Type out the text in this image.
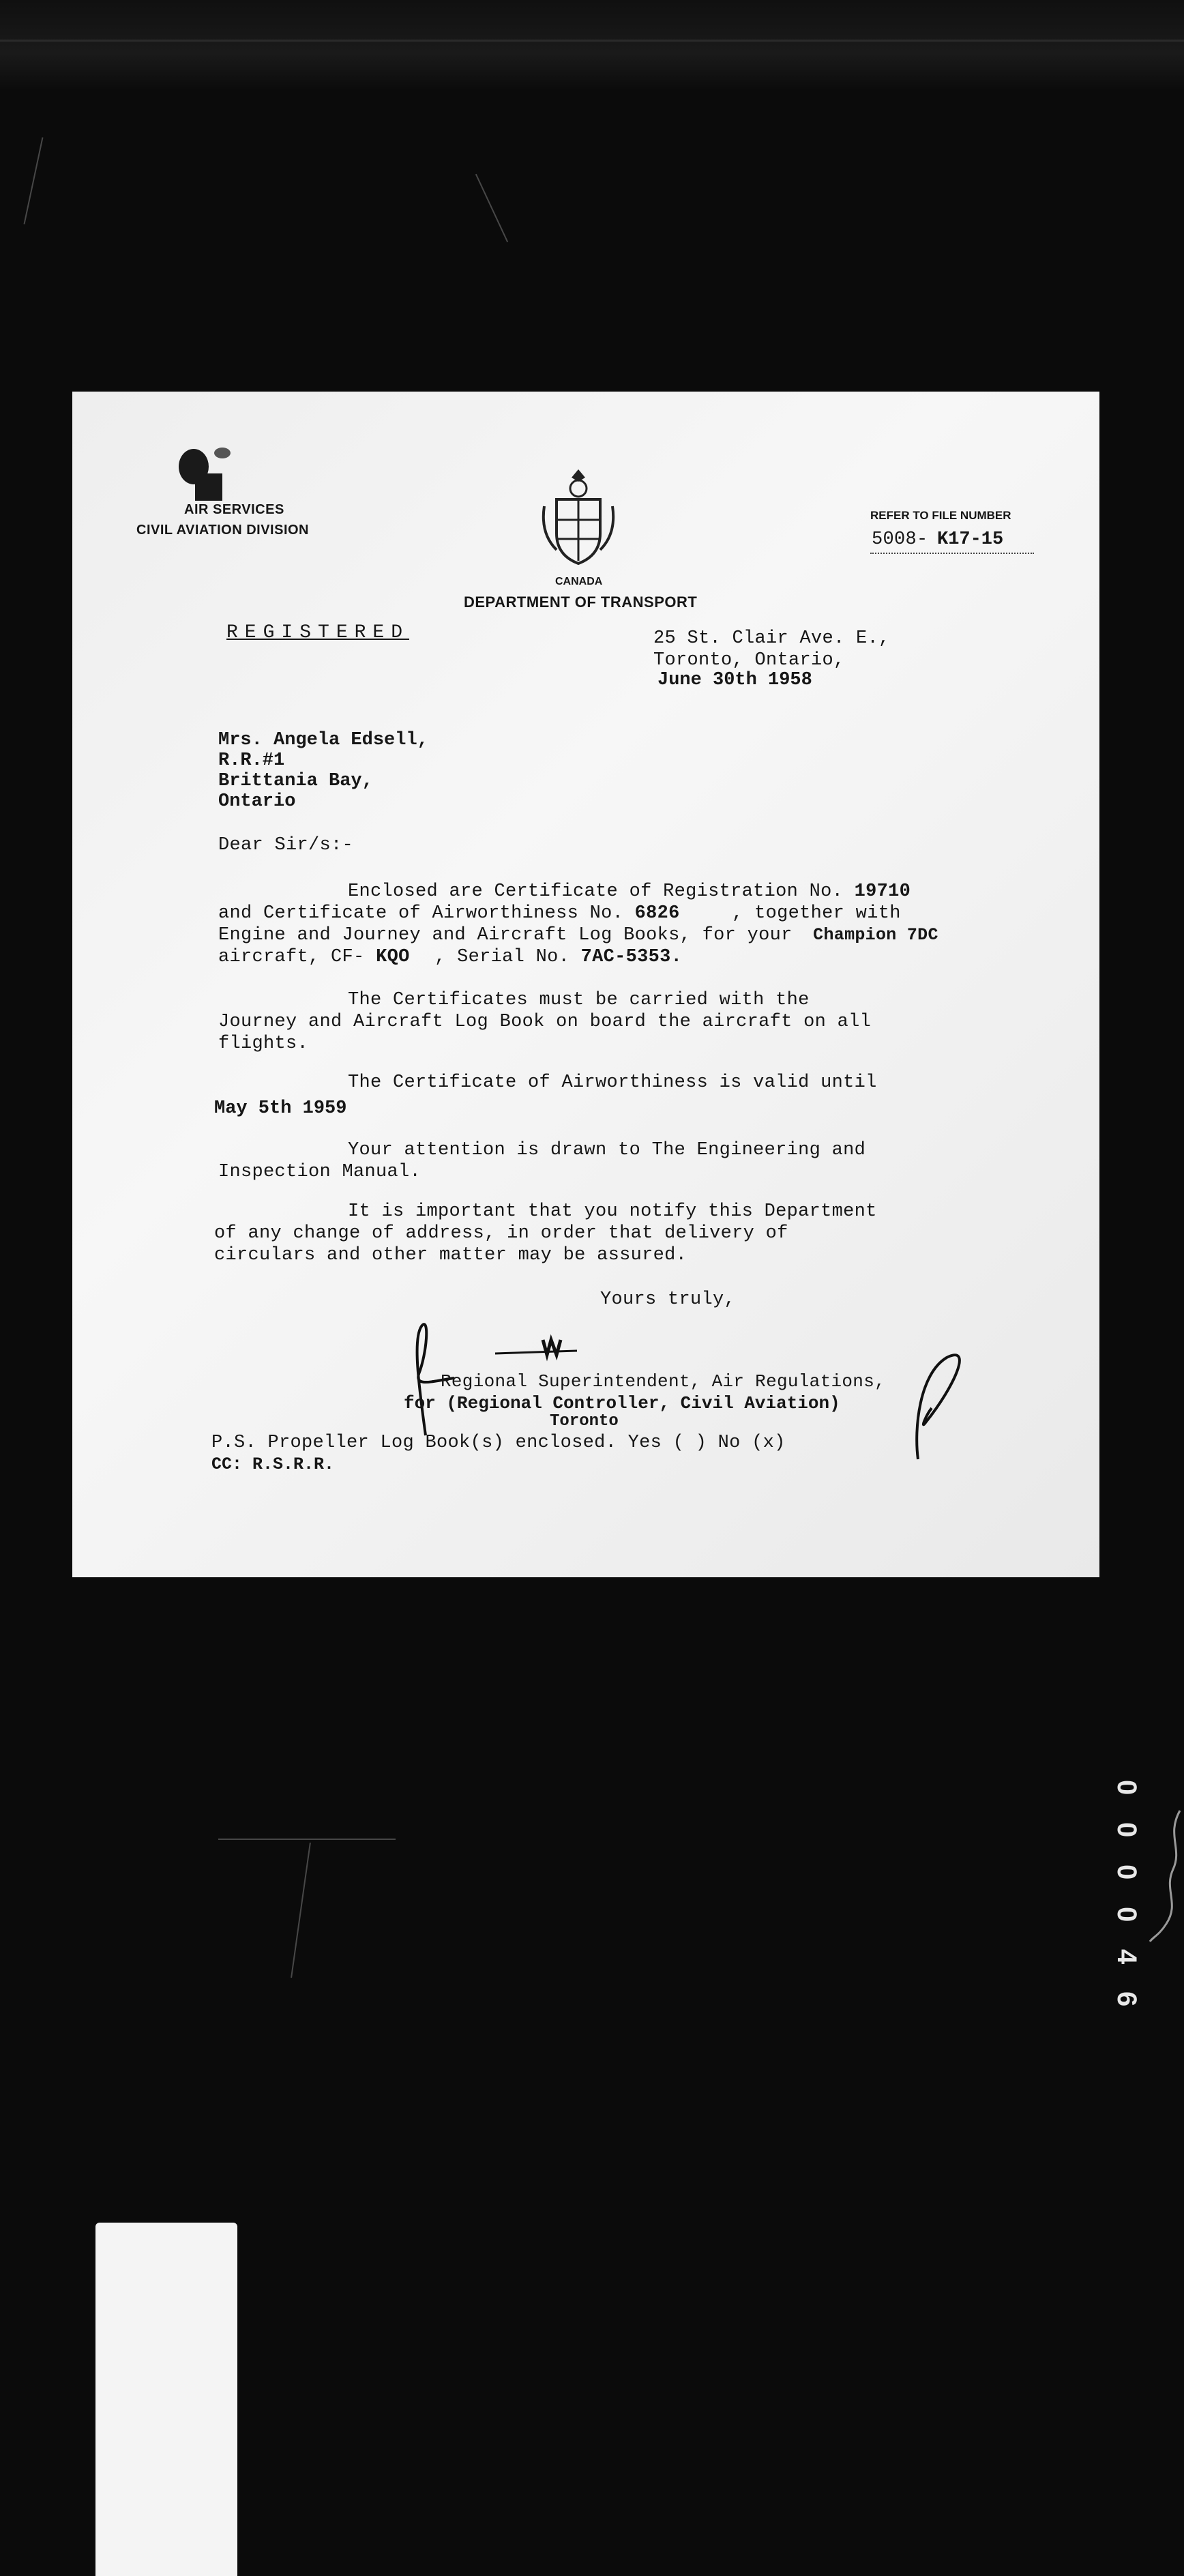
AIR SERVICES
CIVIL AVIATION DIVISION
CANADA
DEPARTMENT OF TRANSPORT
REFER TO FILE NUMBER
5008- K17-15
REGISTERED	25 St. Clair Ave. E.,
Toronto, Ontario,
June 30th 1958
Mrs. Angela Edsell,
R.R.#1
Brittania Bay,
Ontario
Dear Sir/s:-
Enclosed are Certificate of Registration No. 19710
and Certificate of Airworthiness No. 6826	, together with
Engine and Journey and Aircraft Log Books, for your Champion 7DC
aircraft, CF- KQO , Serial No. 7AC-5353.
The Certificates must be carried with the
Journey and Aircraft Log Book on board the aircraft on all
flights.
The Certificate of Airworthiness is valid until
May 5th 1959
Your attention is drawn to The Engineering and
Inspection Manual.
It is important that you notify this Department
of any change of address, in order that delivery of
circulars and other matter may be assured.
Yours truly,
Regional Superintendent, Air Regulations,
for (Regional Controller, Civil Aviation)
Toronto
P.S. Propeller Log Book(s) enclosed. Yes ( ) No (x)
CC: R.S.R.R.
0
0
0
0
4
6
